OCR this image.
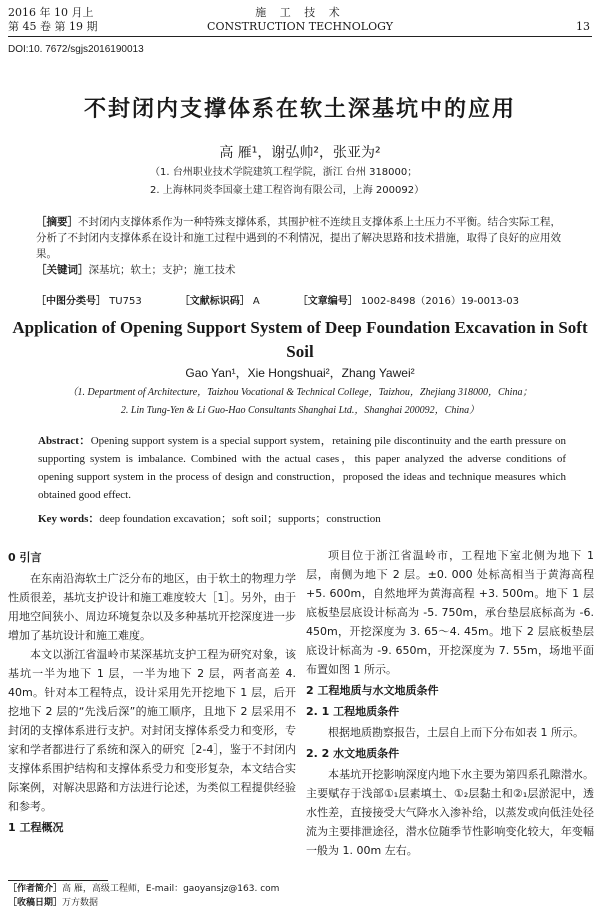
2016 年 10 月上
第 45 卷 第 19 期
施 工 技 术
CONSTRUCTION TECHNOLOGY	13
DOI:10. 7672/sgjs2016190013
不封闭内支撑体系在软土深基坑中的应用
高 雁¹，谢弘帅²，张亚为²
（1. 台州职业技术学院建筑工程学院，浙江 台州 318000；
2. 上海林同炎李国豪土建工程咨询有限公司，上海 200092）

［摘要］不封闭内支撑体系作为一种特殊支撑体系，其围护桩不连续且支撑体系上土压力不平衡。结合实际工程，分析了不封闭内支撑体系在设计和施工过程中遇到的不利情况，提出了解决思路和技术措施，取得了良好的应用效果。

［关键词］深基坑；软土；支护；施工技术

［中图分类号］ TU753	［文献标识码］ A	［文章编号］ 1002-8498（2016）19-0013-03
Application of Opening Support System of Deep Foundation Excavation in Soft Soil
Gao Yan¹，Xie Hongshuai²，Zhang Yawei²
（1. Department of Architecture，Taizhou Vocational & Technical College，Taizhou，Zhejiang 318000，China；
2. Lin Tung-Yen & Li Guo-Hao Consultants Shanghai Ltd.，Shanghai 200092，China）
Abstract：Opening support system is a special support system，retaining pile discontinuity and the earth pressure on supporting system is imbalance. Combined with the actual cases，this paper analyzed the adverse conditions of opening support system in the process of design and construction，proposed the ideas and technique measures which obtained good effect.
Key words：deep foundation excavation；soft soil；supports；construction
0 引言

在东南沿海软土广泛分布的地区，由于软土的物理力学性质很差，基坑支护设计和施工难度较大［1］。另外，由于用地空间狭小、周边环境复杂以及多种基坑开挖深度进一步增加了基坑设计和施工难度。

本文以浙江省温岭市某深基坑支护工程为研究对象，该基坑一半为地下 1 层，一半为地下 2 层，两者高差 4. 40m。针对本工程特点，设计采用先开挖地下 1 层，后开挖地下 2 层的“先浅后深”的施工顺序，且地下 2 层采用不封闭的支撑体系进行支护。对封闭支撑体系受力和变形，专家和学者都进行了系统和深入的研究［2-4］，鉴于不封闭内支撑体系围护结构和支撑体系受力和变形复杂，本文结合实际案例，对解决思路和方法进行论述，为类似工程提供经验和参考。

1 工程概况

项目位于浙江省温岭市，工程地下室北侧为地下 1 层，南侧为地下 2 层。±0. 000 处标高相当于黄海高程 +5. 600m，自然地坪为黄海高程 +3. 500m。地下 1 层底板垫层底设计标高为 -5. 750m，承台垫层底标高为 -6. 450m，开挖深度为 3. 65～4. 45m。地下 2 层底板垫层底设计标高为 -9. 650m，开挖深度为 7. 55m，场地平面布置如图 1 所示。

2 工程地质与水文地质条件
2. 1 工程地质条件

根据地质勘察报告，土层自上而下分布如表 1 所示。

2. 2 水文地质条件

本基坑开挖影响深度内地下水主要为第四系孔隙潜水。主要赋存于浅部①₁层素填土、①₂层黏土和②₁层淤泥中，透水性差，直接接受大气降水入渗补给，以蒸发或向低洼处径流为主要排泄途径，潜水位随季节性影响变化较大，年变幅一般为 1. 00m 左右。

［作者简介］高 雁，高级工程师，E-mail：gaoyansjz@163. com
［收稿日期］万方数据
